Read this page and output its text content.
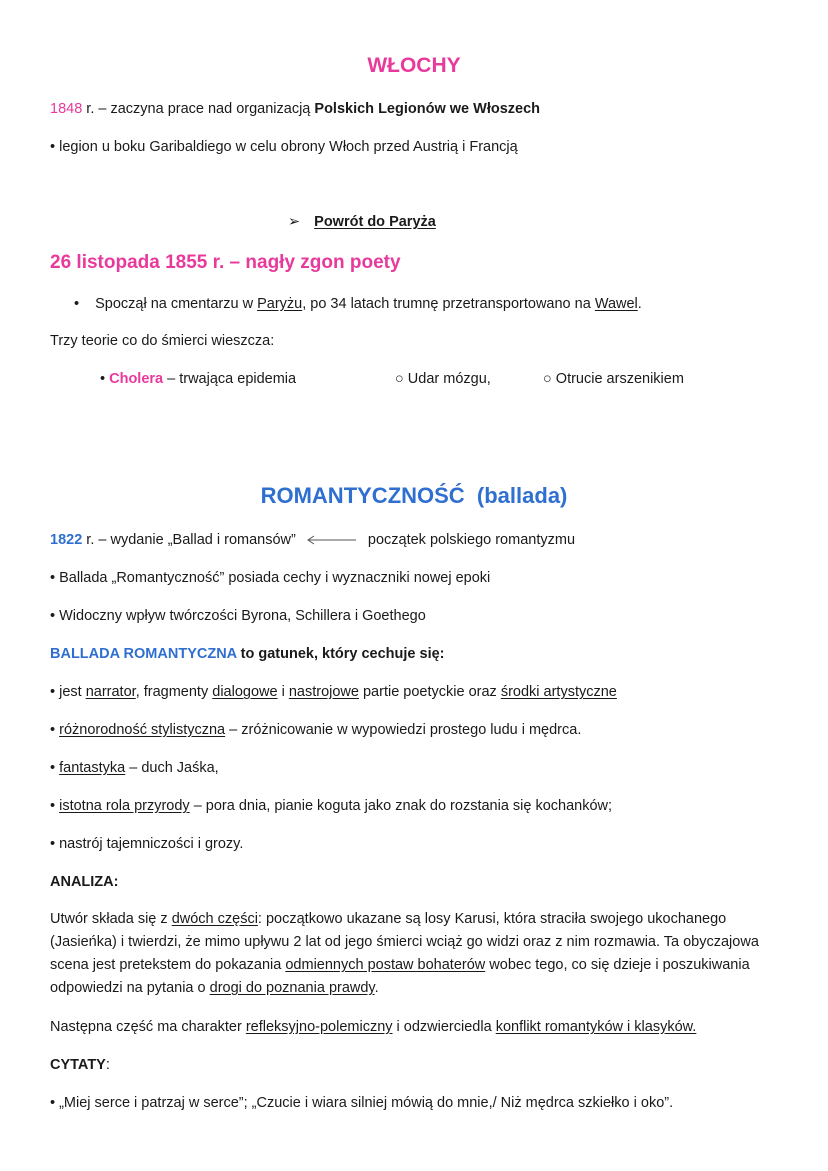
WŁOCHY
1848 r. – zaczyna prace nad organizacją Polskich Legionów we Włoszech
• legion u boku Garibaldiego w celu obrony Włoch przed Austrią i Francją
➢ Powrót do Paryża
26 listopada 1855 r. – nagły zgon poety
• Spoczął na cmentarzu w Paryżu, po 34 latach trumnę przetransportowano na Wawel.
Trzy teorie co do śmierci wieszcza:
• Cholera – trwająca epidemia	○ Udar mózgu,	○ Otrucie arszenikiem
ROMANTYCZNOŚĆ  (ballada)
1822 r. – wydanie „Ballad i romansów”	początek polskiego romantyzmu
• Ballada „Romantyczność” posiada cechy i wyznaczniki nowej epoki
• Widoczny wpływ twórczości Byrona, Schillera i Goethego
BALLADA ROMANTYCZNA to gatunek, który cechuje się:
• jest narrator, fragmenty dialogowe i nastrojowe partie poetyckie oraz środki artystyczne
• różnorodność stylistyczna – zróżnicowanie w wypowiedzi prostego ludu i mędrca.
• fantastyka – duch Jaśka,
• istotna rola przyrody – pora dnia, pianie koguta jako znak do rozstania się kochanków;
• nastrój tajemniczości i grozy.
ANALIZA:
Utwór składa się z dwóch części: początkowo ukazane są losy Karusi, która straciła swojego ukochanego (Jasieńka) i twierdzi, że mimo upływu 2 lat od jego śmierci wciąż go widzi oraz z nim rozmawia. Ta obyczajowa scena jest pretekstem do pokazania odmiennych postaw bohaterów wobec tego, co się dzieje i poszukiwania odpowiedzi na pytania o drogi do poznania prawdy.
Następna część ma charakter refleksyjno-polemiczny i odzwierciedla konflikt romantyków i klasyków.
CYTATY:
• „Miej serce i patrzaj w serce”; „Czucie i wiara silniej mówią do mnie,/ Niż mędrca szkiełko i oko”.
